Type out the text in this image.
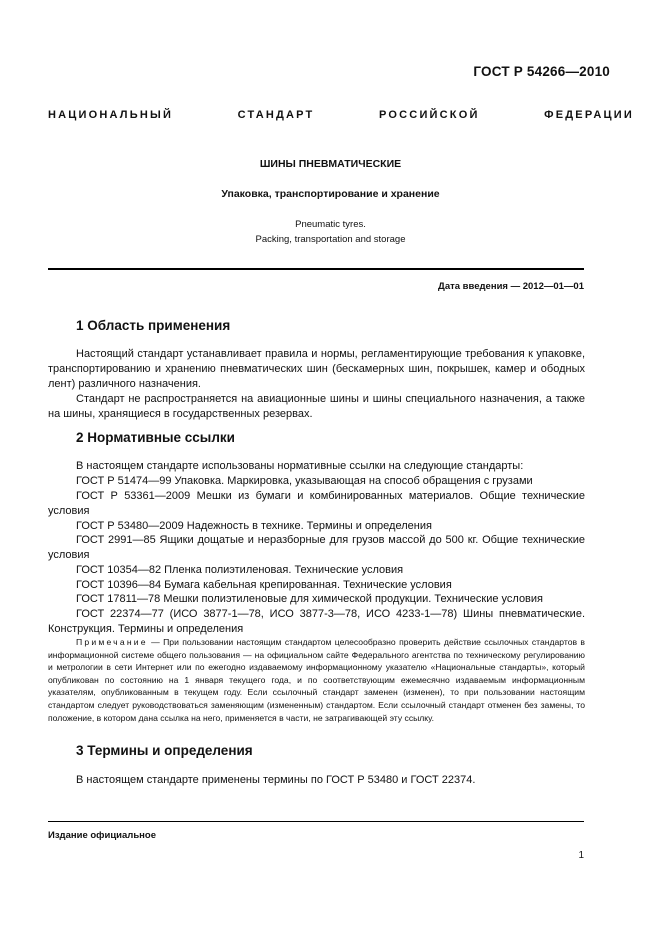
ГОСТ Р 54266—2010
НАЦИОНАЛЬНЫЙ	СТАНДАРТ	РОССИЙСКОЙ	ФЕДЕРАЦИИ
ШИНЫ ПНЕВМАТИЧЕСКИЕ
Упаковка, транспортирование и хранение
Pneumatic tyres.
Packing, transportation and storage
Дата введения — 2012—01—01
1 Область применения
Настоящий стандарт устанавливает правила и нормы, регламентирующие требования к упаковке, транспортированию и хранению пневматических шин (бескамерных шин, покрышек, камер и ободных лент) различного назначения.
Стандарт не распространяется на авиационные шины и шины специального назначения, а также на шины, хранящиеся в государственных резервах.
2 Нормативные ссылки
В настоящем стандарте использованы нормативные ссылки на следующие стандарты:
ГОСТ Р 51474—99 Упаковка. Маркировка, указывающая на способ обращения с грузами
ГОСТ Р 53361—2009 Мешки из бумаги и комбинированных материалов. Общие технические условия
ГОСТ Р 53480—2009 Надежность в технике. Термины и определения
ГОСТ 2991—85 Ящики дощатые и неразборные для грузов массой до 500 кг. Общие технические условия
ГОСТ 10354—82 Пленка полиэтиленовая. Технические условия
ГОСТ 10396—84 Бумага кабельная крепированная. Технические условия
ГОСТ 17811—78 Мешки полиэтиленовые для химической продукции. Технические условия
ГОСТ 22374—77 (ИСО 3877-1—78, ИСО 3877-3—78, ИСО 4233-1—78) Шины пневматические. Конструкция. Термины и определения
Примечание — При пользовании настоящим стандартом целесообразно проверить действие ссылочных стандартов в информационной системе общего пользования — на официальном сайте Федерального агентства по техническому регулированию и метрологии в сети Интернет или по ежегодно издаваемому информационному указателю «Национальные стандарты», который опубликован по состоянию на 1 января текущего года, и по соответствующим ежемесячно издаваемым информационным указателям, опубликованным в текущем году. Если ссылочный стандарт заменен (изменен), то при пользовании настоящим стандартом следует руководствоваться заменяющим (измененным) стандартом. Если ссылочный стандарт отменен без замены, то положение, в котором дана ссылка на него, применяется в части, не затрагивающей эту ссылку.
3 Термины и определения
В настоящем стандарте применены термины по ГОСТ Р 53480 и ГОСТ 22374.
Издание официальное
1
